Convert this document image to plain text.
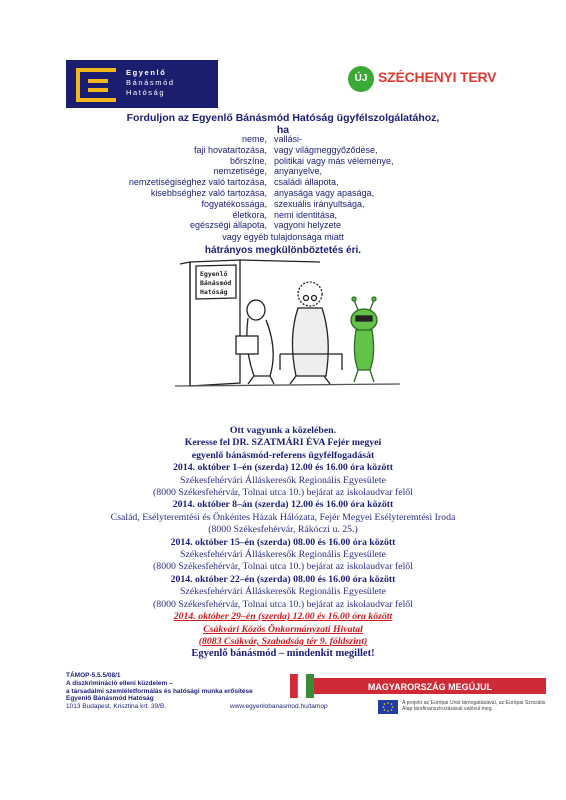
Egyenlő
Bánásmód
Hatóság
ÚJ SZÉCHENYI TERV
Forduljon az Egyenlő Bánásmód Hatóság ügyfélszolgálatához,
ha
neme,
faji hovatartozása,
bőrszíne,
nemzetisége,
nemzetiségiséghez való tartozása,
kisebbséghez való tartozása,
fogyatékossága,
életkora,
egészségi állapota,
vallási-
vagy világmeggyőződése,
politikai vagy más véleménye,
anyanyelve,
családi állapota,
anyasága vagy apasága,
szexuális irányultsága,
nemi identitása,
vagyoni helyzete
vagy egyéb tulajdonsága miatt
hátrányos megkülönböztetés éri.
Egyenlő
Bánásmód
Hatóság
Ott vagyunk a közelében.
Keresse fel DR. SZATMÁRI ÉVA Fejér megyei
egyenlő bánásmód-referens ügyfélfogadását
2014. október 1–én (szerda) 12.00 és 16.00 óra között
Székesfehérvári Álláskeresők Regionális Egyesülete
(8000 Székesfehérvár, Tolnai utca 10.) bejárat az iskolaudvar felől
2014. október 8–án (szerda) 12.00 és 16.00 óra között
Család, Esélyteremtési és Önkéntes Házak Hálózata, Fejér Megyei Esélyteremtési Iroda
(8000 Székesfehérvár, Rákóczi u. 25.)
2014. október 15–én (szerda) 08.00 és 16.00 óra között
Székesfehérvári Álláskeresők Regionális Egyesülete
(8000 Székesfehérvár, Tolnai utca 10.) bejárat az iskolaudvar felől
2014. október 22–én (szerda) 08.00 és 16.00 óra között
Székesfehérvári Álláskeresők Regionális Egyesülete
(8000 Székesfehérvár, Tolnai utca 10.) bejárat az iskolaudvar felől
2014. október 29–én (szerda) 12.00 és 16.00 óra között
Csákvári Közös Önkormányzati Hivatal
(8083 Csákvár, Szabadság tér 9. földszint)
Egyenlő bánásmód – mindenkit megillet!
TÁMOP-5.5.5/08/1
A diszkrimináció elleni küzdelem –
a társadalmi szemléletformálás és hatósági munka erősítése
Egyenlő Bánásmód Hatóság
1013 Budapest, Krisztina krt. 39/B.	www.egyenlobanasmod.hu/tamop
MAGYARORSZÁG MEGÚJUL
A projekt az Európai Unió támogatásával, az Európai Szociális Alap társfinanszírozásával valósul meg.
